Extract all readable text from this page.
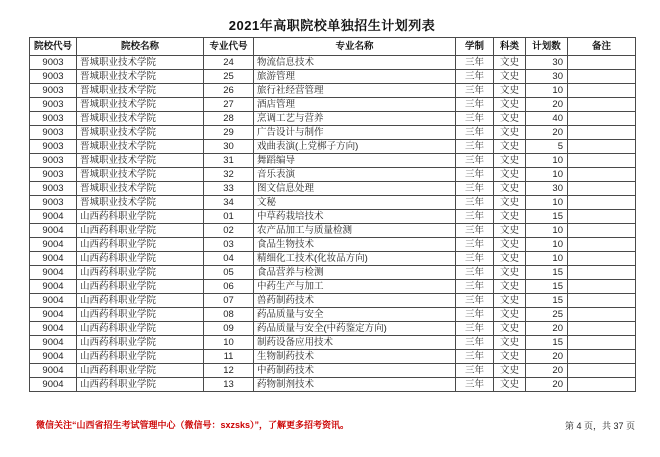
2021年高职院校单独招生计划列表
院校代号	院校名称	专业代号	专业名称	学制	科类	计划数	备注
9003	晋城职业技术学院	24	物流信息技术	三年	文史	30	
9003	晋城职业技术学院	25	旅游管理	三年	文史	30	
9003	晋城职业技术学院	26	旅行社经营管理	三年	文史	10	
9003	晋城职业技术学院	27	酒店管理	三年	文史	20	
9003	晋城职业技术学院	28	烹调工艺与营养	三年	文史	40	
9003	晋城职业技术学院	29	广告设计与制作	三年	文史	20	
9003	晋城职业技术学院	30	戏曲表演(上党梆子方向)	三年	文史	5	
9003	晋城职业技术学院	31	舞蹈编导	三年	文史	10	
9003	晋城职业技术学院	32	音乐表演	三年	文史	10	
9003	晋城职业技术学院	33	图文信息处理	三年	文史	30	
9003	晋城职业技术学院	34	文秘	三年	文史	10	
9004	山西药科职业学院	01	中草药栽培技术	三年	文史	15	
9004	山西药科职业学院	02	农产品加工与质量检测	三年	文史	10	
9004	山西药科职业学院	03	食品生物技术	三年	文史	10	
9004	山西药科职业学院	04	精细化工技术(化妆品方向)	三年	文史	10	
9004	山西药科职业学院	05	食品营养与检测	三年	文史	15	
9004	山西药科职业学院	06	中药生产与加工	三年	文史	15	
9004	山西药科职业学院	07	兽药制药技术	三年	文史	15	
9004	山西药科职业学院	08	药品质量与安全	三年	文史	25	
9004	山西药科职业学院	09	药品质量与安全(中药鉴定方向)	三年	文史	20	
9004	山西药科职业学院	10	制药设备应用技术	三年	文史	15	
9004	山西药科职业学院	11	生物制药技术	三年	文史	20	
9004	山西药科职业学院	12	中药制药技术	三年	文史	20	
9004	山西药科职业学院	13	药物制剂技术	三年	文史	20	
微信关注“山西省招生考试管理中心（微信号：sxzsks）”，了解更多招考资讯。	第 4 页，共 37 页
